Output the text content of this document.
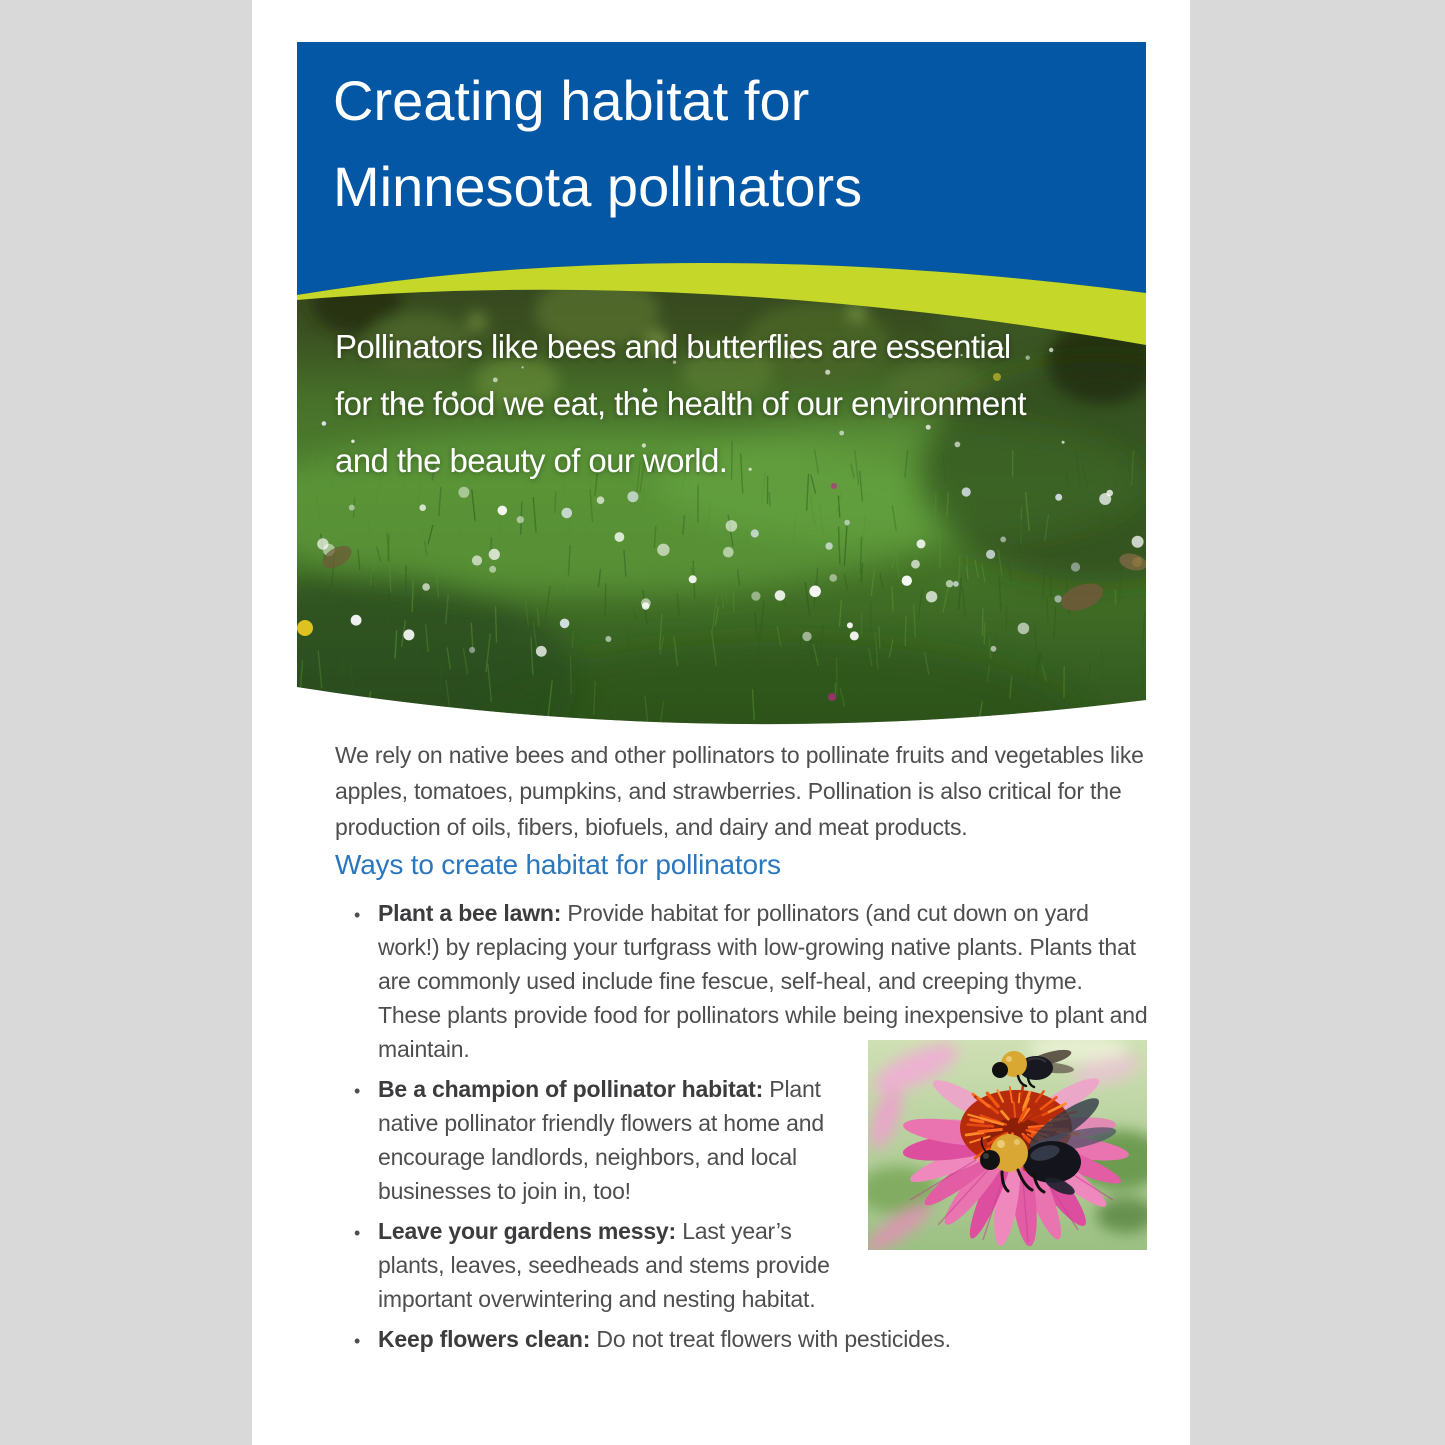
Creating habitat for
Minnesota pollinators
Pollinators like bees and butterflies are essential
for the food we eat, the health of our environment
and the beauty of our world.

We rely on native bees and other pollinators to pollinate fruits and vegetables like apples, tomatoes, pumpkins, and strawberries. Pollination is also critical for the production of oils, fibers, biofuels, and dairy and meat products.

Ways to create habitat for pollinators
•

Plant a bee lawn: Provide habitat for pollinators (and cut down on yard work!) by replacing your turfgrass with low-growing native plants. Plants that are commonly used include fine fescue, self-heal, and creeping thyme. These plants provide food for pollinators while being inexpensive to plant and maintain.

•

Be a champion of pollinator habitat: Plant native pollinator friendly flowers at home and encourage landlords, neighbors, and local businesses to join in, too!

•

Leave your gardens messy: Last year’s plants, leaves, seedheads and stems provide important overwintering and nesting habitat.

•

Keep flowers clean: Do not treat flowers with pesticides.
